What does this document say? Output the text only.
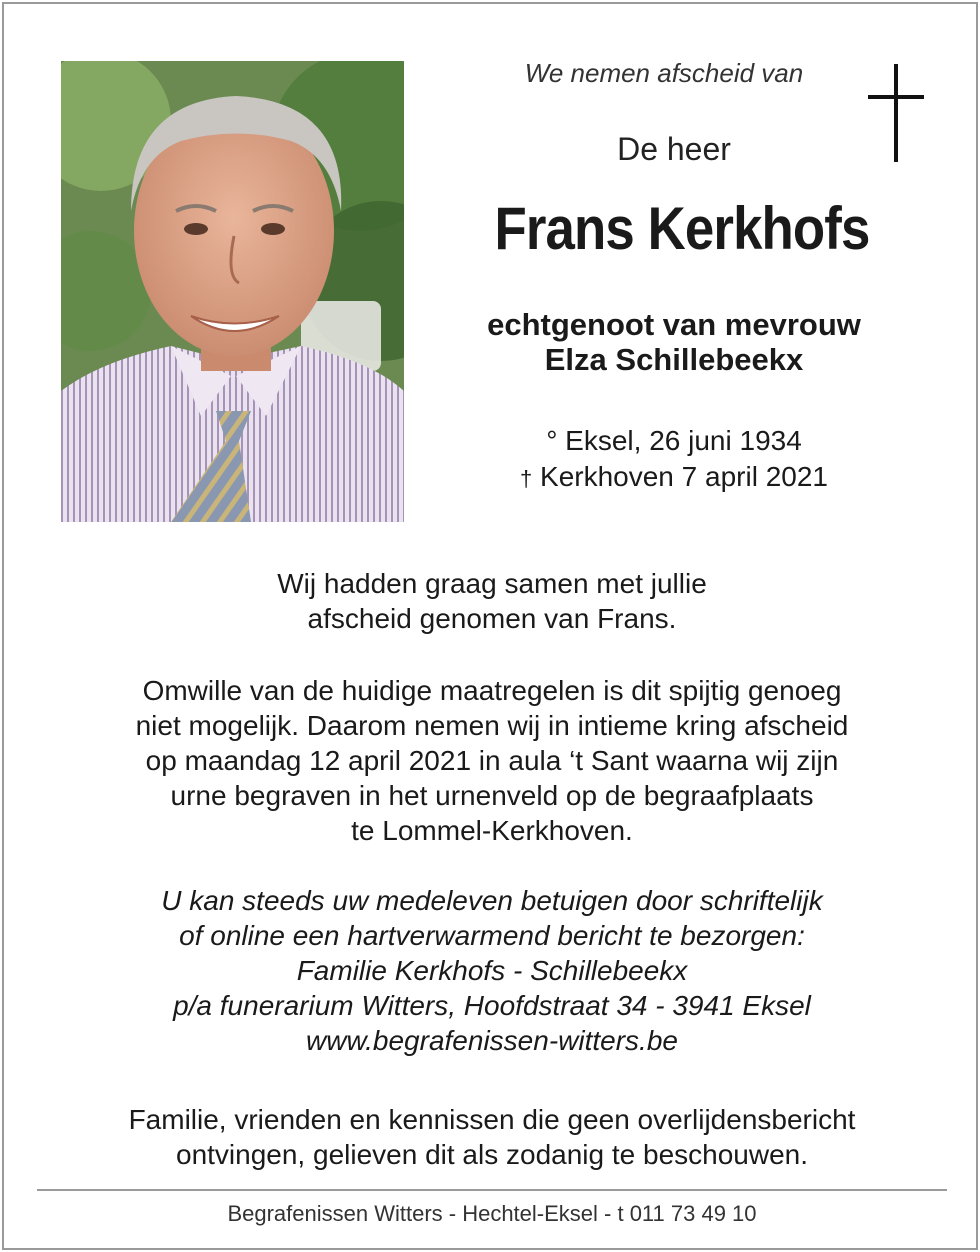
We nemen afscheid van
De heer
Frans Kerkhofs
echtgenoot van mevrouw
Elza Schillebeekx
° Eksel, 26 juni 1934
† Kerkhoven 7 april 2021
Wij hadden graag samen met jullie
afscheid genomen van Frans.
Omwille van de huidige maatregelen is dit spijtig genoeg
niet mogelijk. Daarom nemen wij in intieme kring afscheid
op maandag 12 april 2021 in aula ‘t Sant waarna wij zijn
urne begraven in het urnenveld op de begraafplaats
te Lommel-Kerkhoven.
U kan steeds uw medeleven betuigen door schriftelijk
of online een hartverwarmend bericht te bezorgen:
Familie Kerkhofs - Schillebeekx
p/a funerarium Witters, Hoofdstraat 34 - 3941 Eksel
www.begrafenissen-witters.be
Familie, vrienden en kennissen die geen overlijdensbericht
ontvingen, gelieven dit als zodanig te beschouwen.
Begrafenissen Witters - Hechtel-Eksel - t 011 73 49 10
